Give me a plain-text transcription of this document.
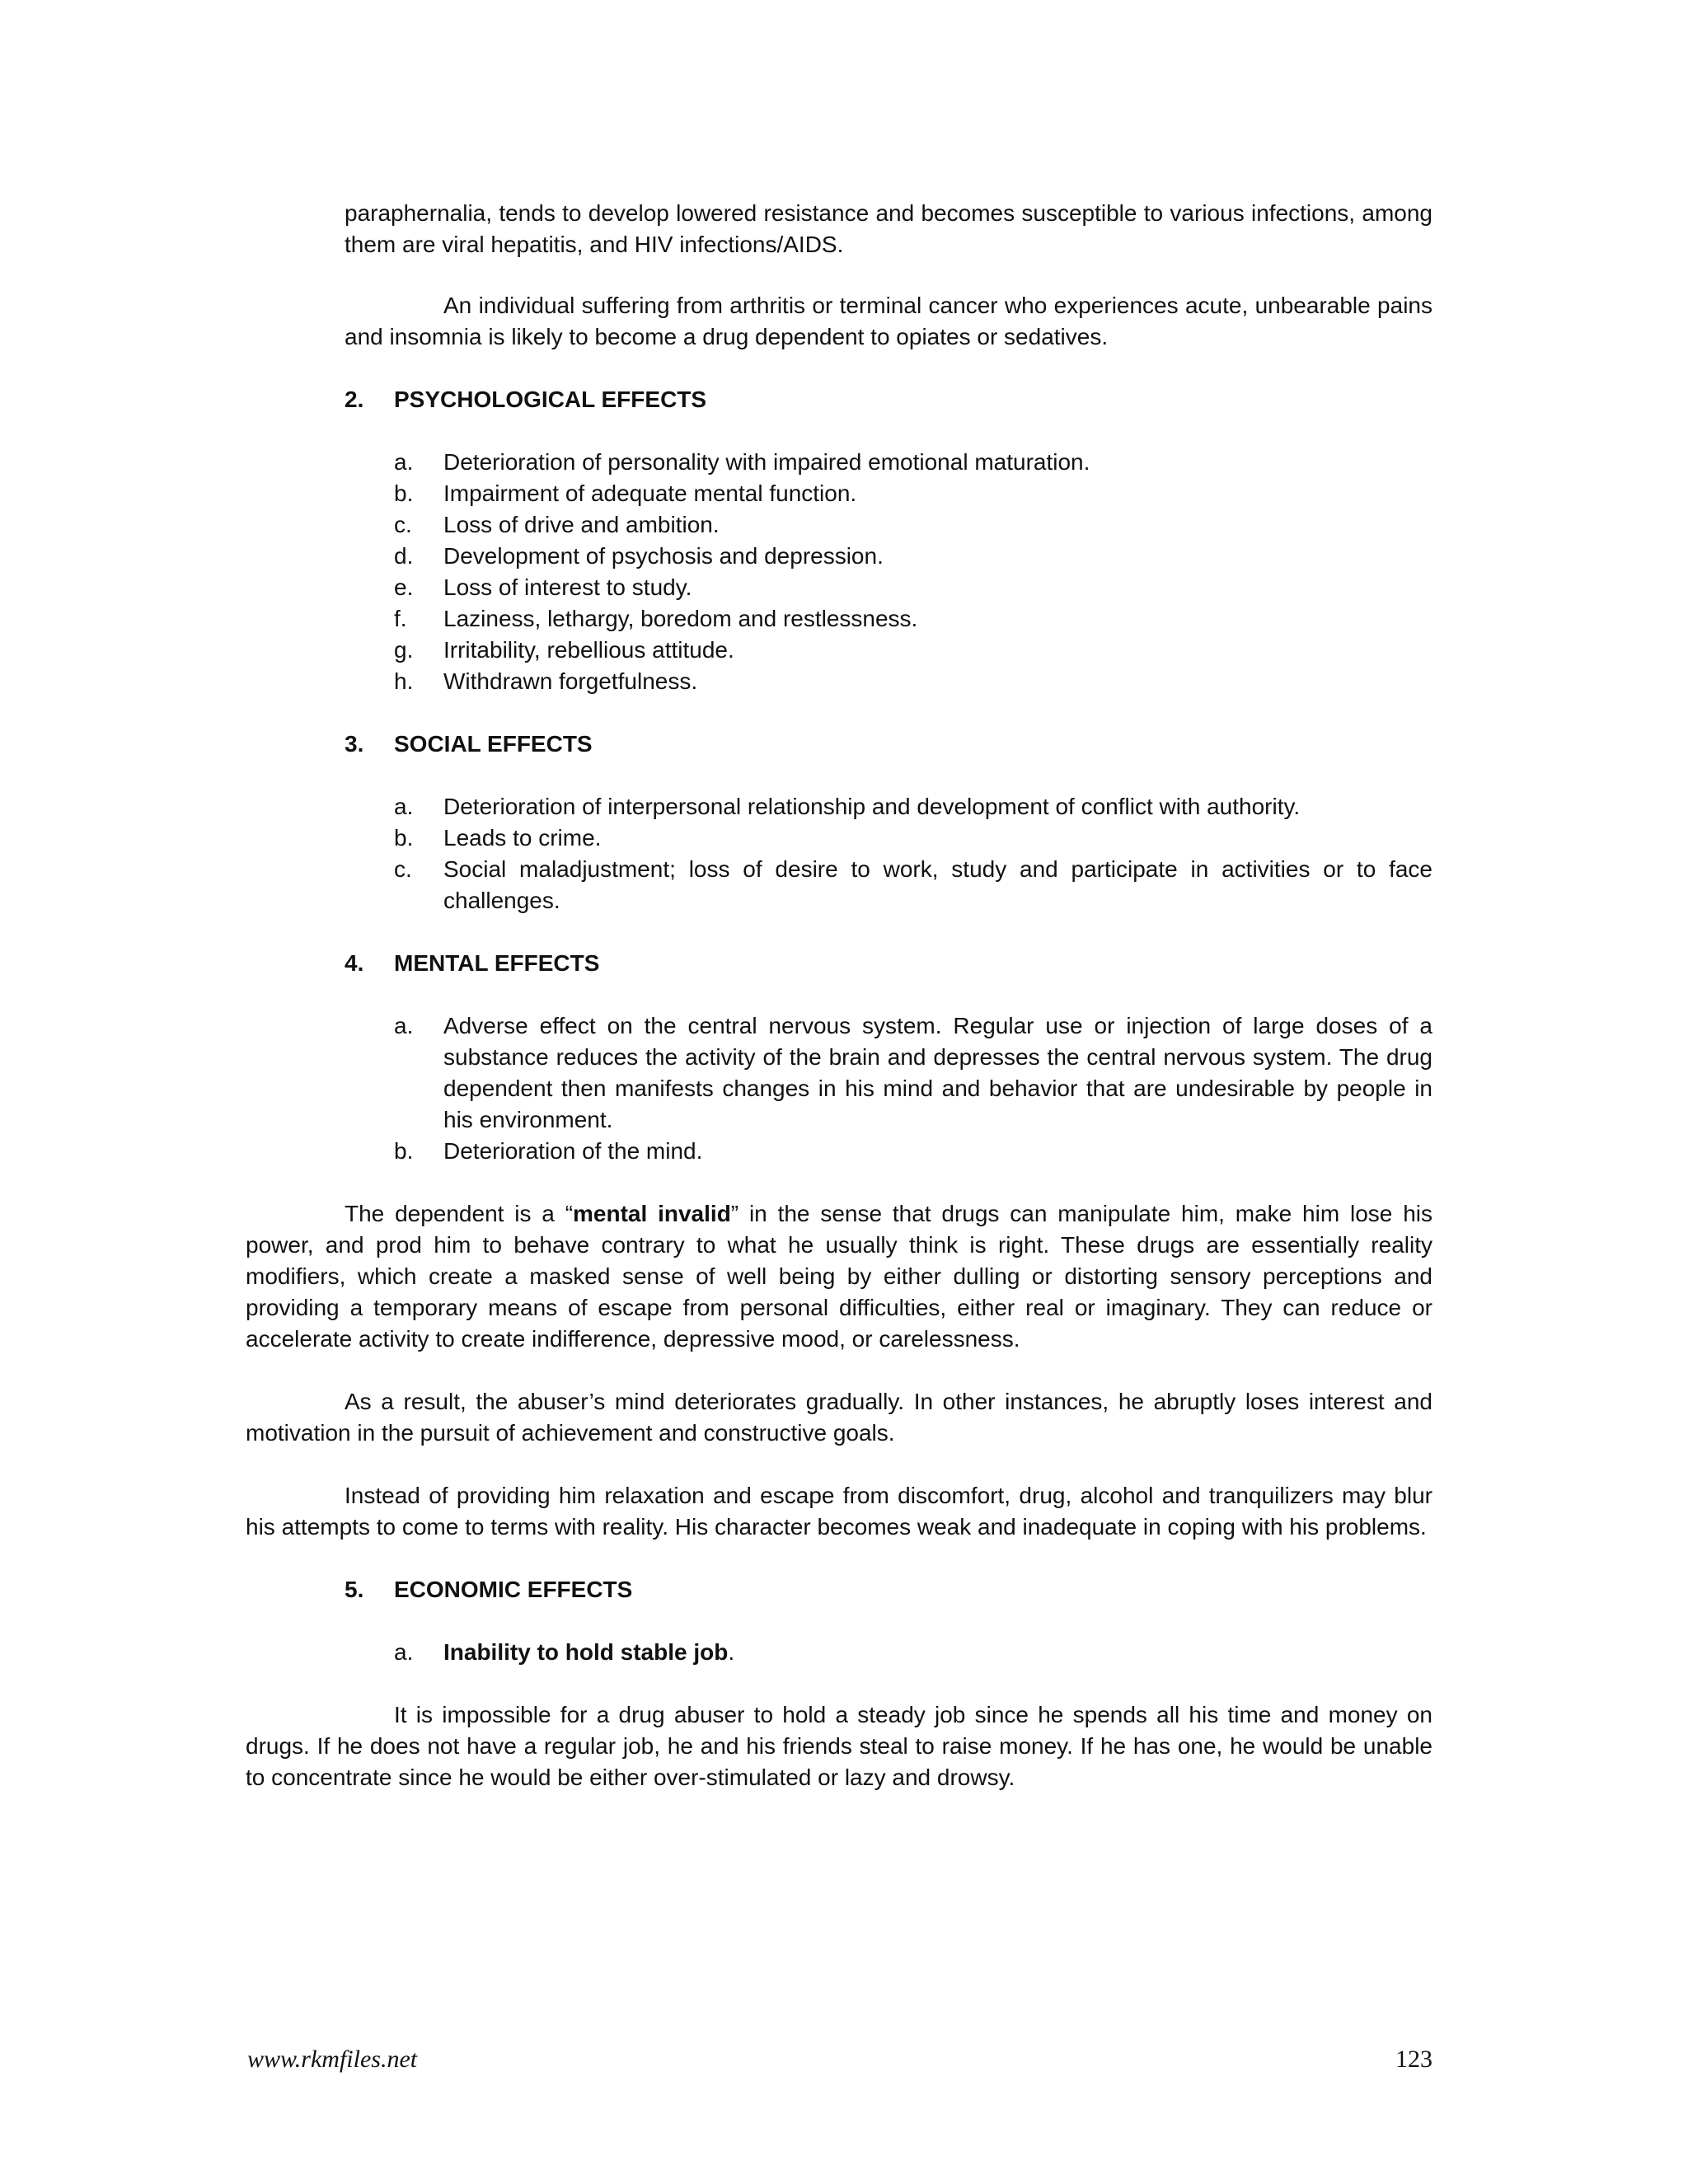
paraphernalia, tends to develop lowered resistance and becomes susceptible to various infections, among them are viral hepatitis, and HIV infections/AIDS.

An individual suffering from arthritis or terminal cancer who experiences acute, unbearable pains and insomnia is likely to become a drug dependent to opiates or sedatives.

2. PSYCHOLOGICAL EFFECTS
a.	Deterioration of personality with impaired emotional maturation.
b.	Impairment of adequate mental function.
c.	Loss of drive and ambition.
d.	Development of psychosis and depression.
e.	Loss of interest to study.
f.	Laziness, lethargy, boredom and restlessness.
g.	Irritability, rebellious attitude.
h.	Withdrawn forgetfulness.
3. SOCIAL EFFECTS
a.	Deterioration of interpersonal relationship and development of conflict with authority.
b.	Leads to crime.
c.	Social maladjustment; loss of desire to work, study and participate in activities or to face challenges.
4. MENTAL EFFECTS
a.	Adverse effect on the central nervous system. Regular use or injection of large doses of a substance reduces the activity of the brain and depresses the central nervous system. The drug dependent then manifests changes in his mind and behavior that are undesirable by people in his environment.
b.	Deterioration of the mind.

The dependent is a “mental invalid” in the sense that drugs can manipulate him, make him lose his power, and prod him to behave contrary to what he usually think is right. These drugs are essentially reality modifiers, which create a masked sense of well being by either dulling or distorting sensory perceptions and providing a temporary means of escape from personal difficulties, either real or imaginary. They can reduce or accelerate activity to create indifference, depressive mood, or carelessness.

As a result, the abuser’s mind deteriorates gradually. In other instances, he abruptly loses interest and motivation in the pursuit of achievement and constructive goals.

Instead of providing him relaxation and escape from discomfort, drug, alcohol and tranquilizers may blur his attempts to come to terms with reality. His character becomes weak and inadequate in coping with his problems.

5. ECONOMIC EFFECTS
a. Inability to hold stable job.

It is impossible for a drug abuser to hold a steady job since he spends all his time and money on drugs. If he does not have a regular job, he and his friends steal to raise money. If he has one, he would be unable to concentrate since he would be either over-stimulated or lazy and drowsy.

www.rkmfiles.net	123
